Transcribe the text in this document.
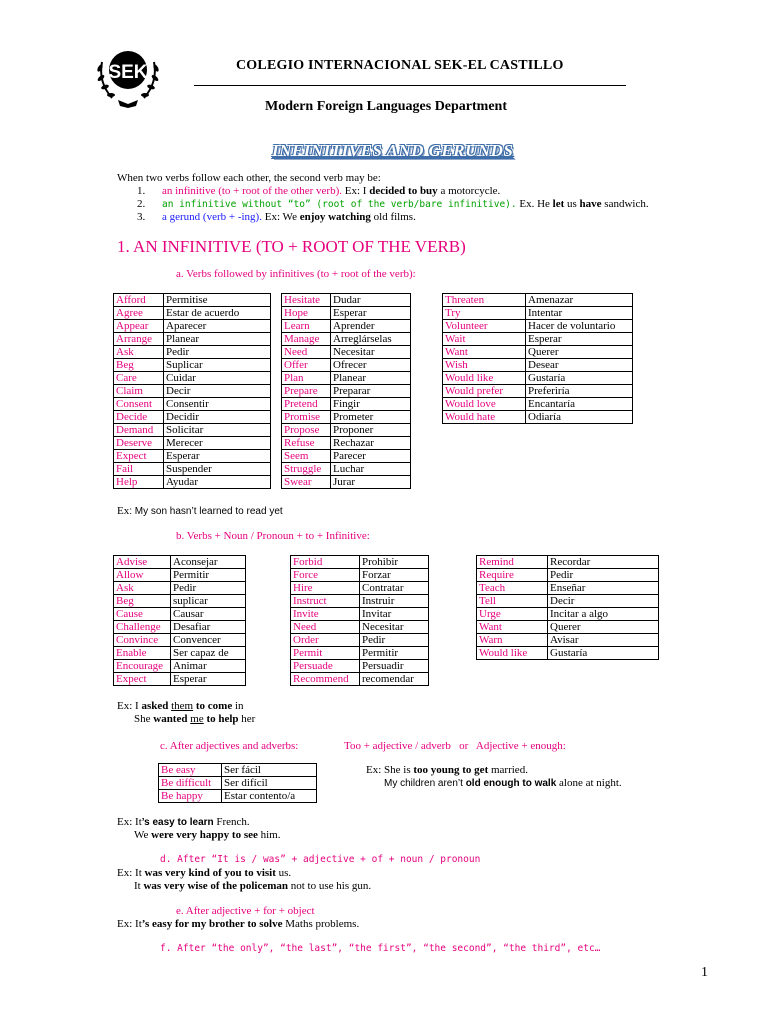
SEK	COLEGIO INTERNACIONAL SEK-EL CASTILLO
Modern Foreign Languages Department
INFINITIVES AND GERUNDS
When two verbs follow each other, the second verb may be:
1. an infinitive (to + root of the other verb). Ex: I decided to buy a motorcycle.
2. an infinitive without “to” (root of the verb/bare infinitive). Ex. He let us have sandwich.
3. a gerund (verb + -ing). Ex: We enjoy watching old films.
1. AN INFINITIVE (TO + ROOT OF THE VERB)
a. Verbs followed by infinitives (to + root of the verb):
Afford	Permitise
Agree	Estar de acuerdo
Appear	Aparecer
Arrange	Planear
Ask	Pedir
Beg	Suplicar
Care	Cuidar
Claim	Decir
Consent	Consentir
Decide	Decidir
Demand	Solicitar
Deserve	Merecer
Expect	Esperar
Fail	Suspender
Help	Ayudar
Hesitate	Dudar
Hope	Esperar
Learn	Aprender
Manage	Arreglárselas
Need	Necesitar
Offer	Ofrecer
Plan	Planear
Prepare	Preparar
Pretend	Fingir
Promise	Prometer
Propose	Proponer
Refuse	Rechazar
Seem	Parecer
Struggle	Luchar
Swear	Jurar
Threaten	Amenazar
Try	Intentar
Volunteer	Hacer de voluntario
Wait	Esperar
Want	Querer
Wish	Desear
Would like	Gustaría
Would prefer	Preferiría
Would love	Encantaría
Would hate	Odiaría
Ex: My son hasn’t learned to read yet
b. Verbs + Noun / Pronoun + to + Infinitive:
Advise	Aconsejar
Allow	Permitir
Ask	Pedir
Beg	suplicar
Cause	Causar
Challenge	Desafiar
Convince	Convencer
Enable	Ser capaz de
Encourage	Animar
Expect	Esperar
Forbid	Prohibir
Force	Forzar
Hire	Contratar
Instruct	Instruir
Invite	Invitar
Need	Necesitar
Order	Pedir
Permit	Permitir
Persuade	Persuadir
Recommend	recomendar
Remind	Recordar
Require	Pedir
Teach	Enseñar
Tell	Decir
Urge	Incitar a algo
Want	Querer
Warn	Avisar
Would like	Gustaría
Ex: I asked them to come in
She wanted me to help her
c. After adjectives and adverbs:	Too + adjective / adverb   or   Adjective + enough:
Be easy	Ser fácil
Be difficult	Ser difícil
Be happy	Estar contento/a
Ex: She is too young to get married.
My children aren’t old enough to walk alone at night.
Ex: It’s easy to learn French.
We were very happy to see him.
d. After “It is / was” + adjective + of + noun / pronoun
Ex: It was very kind of you to visit us.
It was very wise of the policeman not to use his gun.
e. After adjective + for + object
Ex: It’s easy for my brother to solve Maths problems.
f. After “the only”, “the last”, “the first”, “the second”, “the third”, etc…
1
